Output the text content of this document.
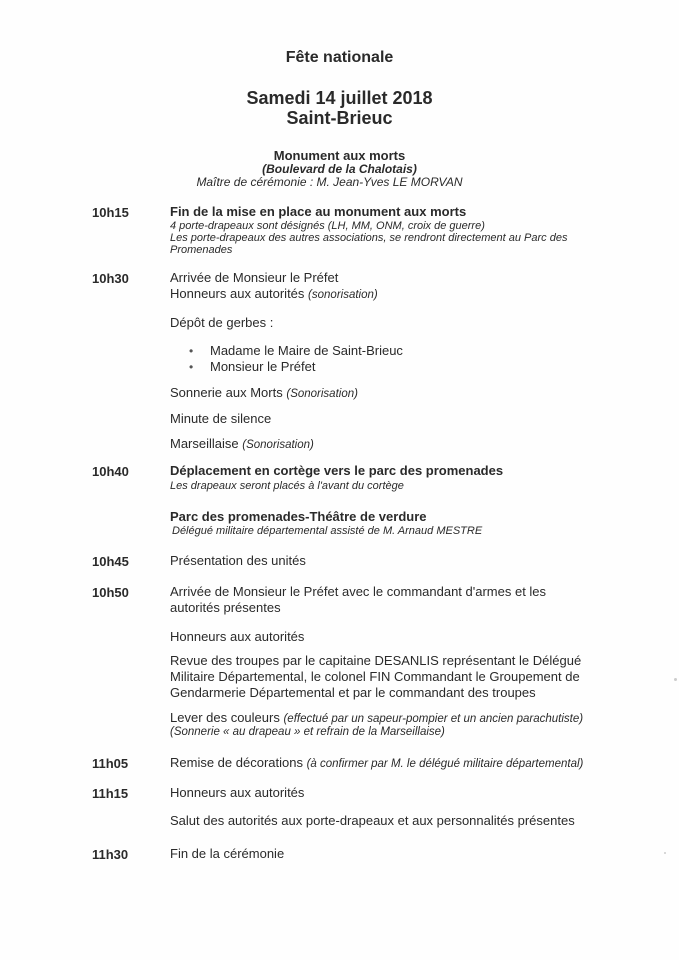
Fête nationale
Samedi 14 juillet 2018
Saint-Brieuc
Monument aux morts
(Boulevard de la Chalotais)
Maître de cérémonie : M. Jean-Yves LE MORVAN
10h15	Fin de la mise en place au monument aux morts
4 porte-drapeaux sont désignés (LH, MM, ONM, croix de guerre)
Les porte-drapeaux des autres associations, se rendront directement au Parc des
Promenades
10h30	Arrivée de Monsieur le Préfet
Honneurs aux autorités (sonorisation)
Dépôt de gerbes :
• Madame le Maire de Saint-Brieuc
• Monsieur le Préfet
Sonnerie aux Morts (Sonorisation)
Minute de silence
Marseillaise (Sonorisation)
10h40	Déplacement en cortège vers le parc des promenades
Les drapeaux seront placés à l'avant du cortège
Parc des promenades-Théâtre de verdure
Délégué militaire départemental assisté de M. Arnaud MESTRE
10h45	Présentation des unités
10h50	Arrivée de Monsieur le Préfet avec le commandant d'armes et les
autorités présentes
Honneurs aux autorités
Revue des troupes par le capitaine DESANLIS représentant le Délégué
Militaire Départemental, le colonel FIN Commandant le Groupement de
Gendarmerie Départemental et par le commandant des troupes
Lever des couleurs (effectué par un sapeur-pompier et un ancien parachutiste)
(Sonnerie « au drapeau » et refrain de la Marseillaise)
11h05	Remise de décorations (à confirmer par M. le délégué militaire départemental)
11h15	Honneurs aux autorités
Salut des autorités aux porte-drapeaux et aux personnalités présentes
11h30	Fin de la cérémonie
